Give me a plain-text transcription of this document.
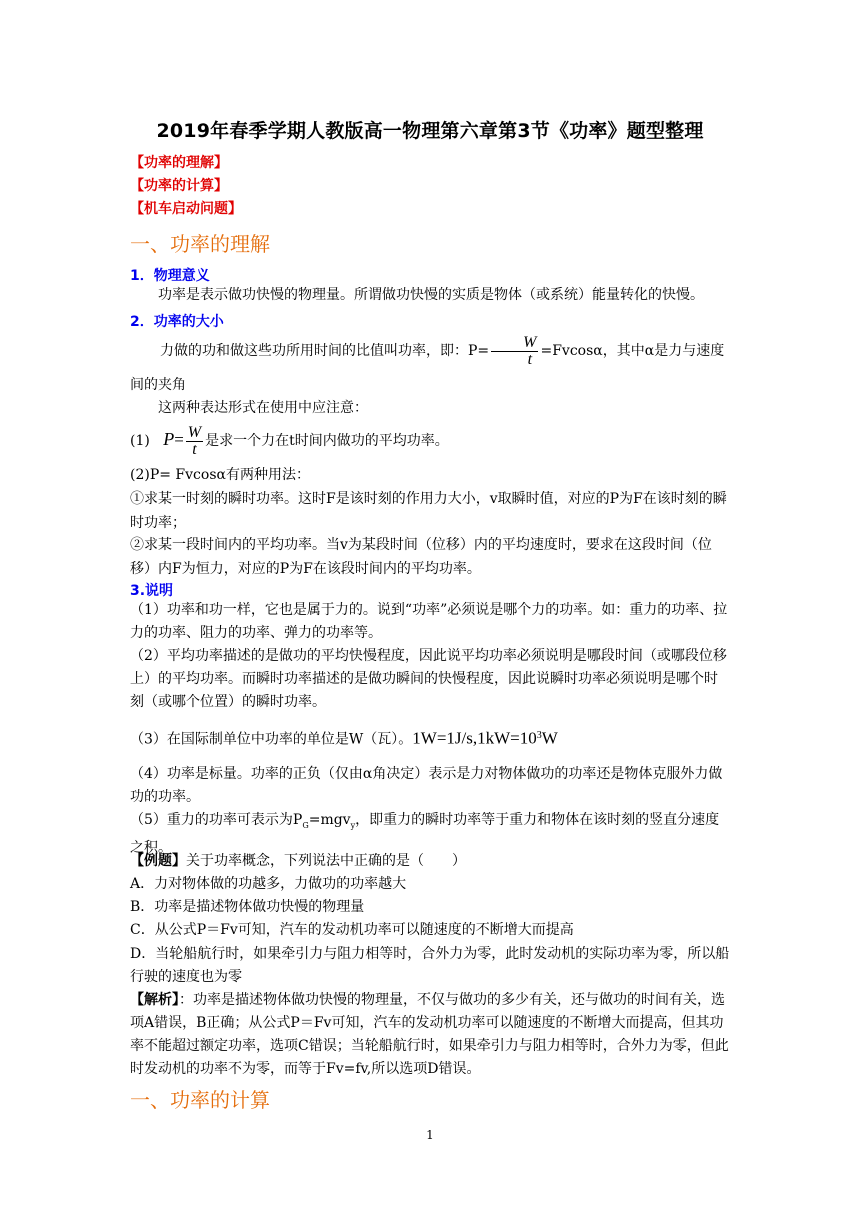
2019年春季学期人教版高一物理第六章第3节《功率》题型整理
【功率的理解】
【功率的计算】
【机车启动问题】
一、功率的理解
1．物理意义
功率是表示做功快慢的物理量。所谓做功快慢的实质是物体（或系统）能量转化的快慢。
2．功率的大小
力做的功和做这些功所用时间的比值叫功率，即：$P= \frac{W}{t} =Fvcos\alpha$，其中α是力与速度
间的夹角
这两种表达形式在使用中应注意：
(1) $P= \frac{W}{t}$ 是求一个力在t时间内做功的平均功率。
(2)P= Fvcosα有两种用法：
①求某一时刻的瞬时功率。这时F是该时刻的作用力大小，v取瞬时值，对应的P为F在该时刻的瞬时功率；
②求某一段时间内的平均功率。当v为某段时间（位移）内的平均速度时，要求在这段时间（位移）内F为恒力，对应的P为F在该段时间内的平均功率。
3.说明
（1）功率和功一样，它也是属于力的。说到“功率”必须说是哪个力的功率。如：重力的功率、拉力的功率、阻力的功率、弹力的功率等。
（2）平均功率描述的是做功的平均快慢程度，因此说平均功率必须说明是哪段时间（或哪段位移上）的平均功率。而瞬时功率描述的是做功瞬间的快慢程度，因此说瞬时功率必须说明是哪个时刻（或哪个位置）的瞬时功率。
（3）在国际制单位中功率的单位是W（瓦）。$1W=1J/s,1kW=10^3W$
（4）功率是标量。功率的正负（仅由α角决定）表示是力对物体做功的功率还是物体克服外力做功的功率。
（5）重力的功率可表示为$P_G=mgv_y$，即重力的瞬时功率等于重力和物体在该时刻的竖直分速度之积。
【例题】关于功率概念，下列说法中正确的是（　　）
A．力对物体做的功越多，力做功的功率越大
B．功率是描述物体做功快慢的物理量
C．从公式P＝Fv可知，汽车的发动机功率可以随速度的不断增大而提高
D．当轮船航行时，如果牵引力与阻力相等时，合外力为零，此时发动机的实际功率为零，所以船行驶的速度也为零
【解析】：功率是描述物体做功快慢的物理量，不仅与做功的多少有关，还与做功的时间有关，选项A错误，B正确；从公式P＝Fv可知，汽车的发动机功率可以随速度的不断增大而提高，但其功率不能超过额定功率，选项C错误；当轮船航行时，如果牵引力与阻力相等时，合外力为零，但此时发动机的功率不为零，而等于Fv=fv,所以选项D错误。
一、功率的计算
1
